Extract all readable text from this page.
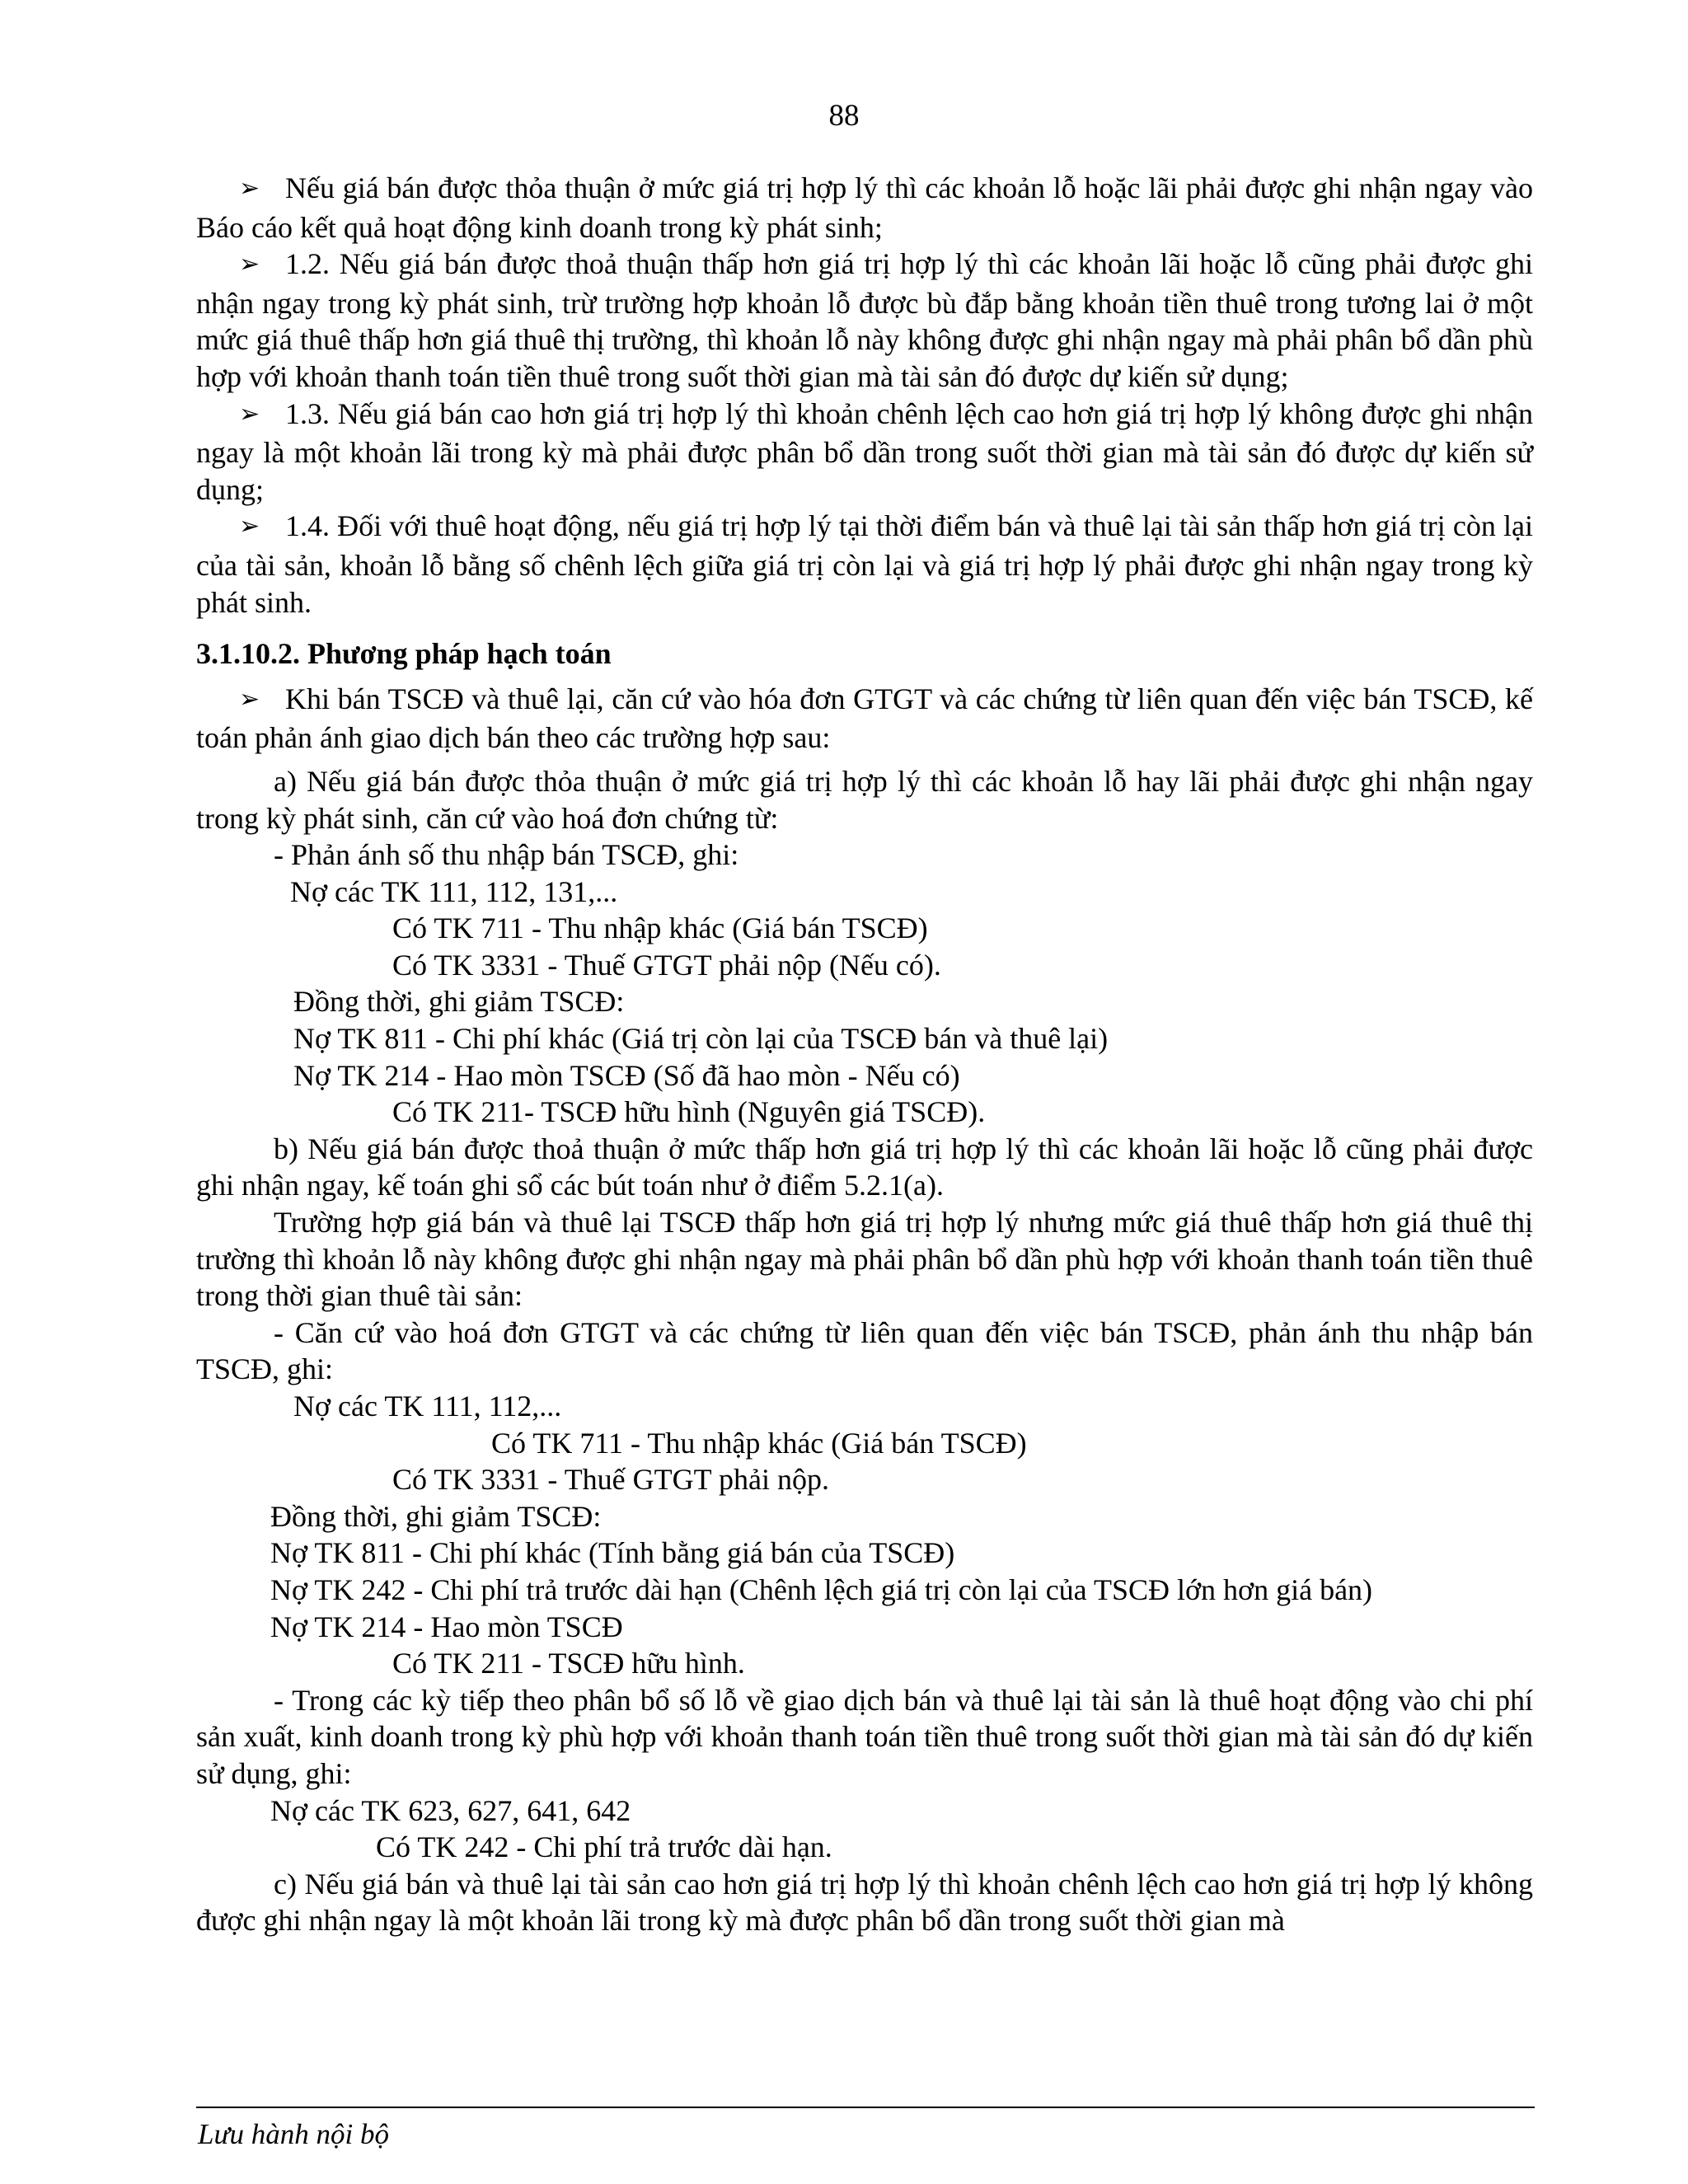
88

➢ Nếu giá bán được thỏa thuận ở mức giá trị hợp lý thì các khoản lỗ hoặc lãi phải được ghi nhận ngay vào Báo cáo kết quả hoạt động kinh doanh trong kỳ phát sinh;

➢ 1.2. Nếu giá bán được thoả thuận thấp hơn giá trị hợp lý thì các khoản lãi hoặc lỗ cũng phải được ghi nhận ngay trong kỳ phát sinh, trừ trường hợp khoản lỗ được bù đắp bằng khoản tiền thuê trong tương lai ở một mức giá thuê thấp hơn giá thuê thị trường, thì khoản lỗ này không được ghi nhận ngay mà phải phân bổ dần phù hợp với khoản thanh toán tiền thuê trong suốt thời gian mà tài sản đó được dự kiến sử dụng;

➢ 1.3. Nếu giá bán cao hơn giá trị hợp lý thì khoản chênh lệch cao hơn giá trị hợp lý không được ghi nhận ngay là một khoản lãi trong kỳ mà phải được phân bổ dần trong suốt thời gian mà tài sản đó được dự kiến sử dụng;

➢ 1.4. Đối với thuê hoạt động, nếu giá trị hợp lý tại thời điểm bán và thuê lại tài sản thấp hơn giá trị còn lại của tài sản, khoản lỗ bằng số chênh lệch giữa giá trị còn lại và giá trị hợp lý phải được ghi nhận ngay trong kỳ phát sinh.

3.1.10.2. Phương pháp hạch toán

➢ Khi bán TSCĐ và thuê lại, căn cứ vào hóa đơn GTGT và các chứng từ liên quan đến việc bán TSCĐ, kế toán phản ánh giao dịch bán theo các trường hợp sau:

a) Nếu giá bán được thỏa thuận ở mức giá trị hợp lý thì các khoản lỗ hay lãi phải được ghi nhận ngay trong kỳ phát sinh, căn cứ vào hoá đơn chứng từ:

- Phản ánh số thu nhập bán TSCĐ, ghi:

Nợ các TK 111, 112, 131,...

Có TK 711 - Thu nhập khác (Giá bán TSCĐ)

Có TK 3331 - Thuế GTGT phải nộp (Nếu có).

Đồng thời, ghi giảm TSCĐ:

Nợ TK 811 - Chi phí khác (Giá trị còn lại của TSCĐ bán và thuê lại)

Nợ TK 214 - Hao mòn TSCĐ (Số đã hao mòn - Nếu có)

Có TK 211- TSCĐ hữu hình (Nguyên giá TSCĐ).

b) Nếu giá bán được thoả thuận ở mức thấp hơn giá trị hợp lý thì các khoản lãi hoặc lỗ cũng phải được ghi nhận ngay, kế toán ghi sổ các bút toán như ở điểm 5.2.1(a).

Trường hợp giá bán và thuê lại TSCĐ thấp hơn giá trị hợp lý nhưng mức giá thuê thấp hơn giá thuê thị trường thì khoản lỗ này không được ghi nhận ngay mà phải phân bổ dần phù hợp với khoản thanh toán tiền thuê trong thời gian thuê tài sản:

- Căn cứ vào hoá đơn GTGT và các chứng từ liên quan đến việc bán TSCĐ, phản ánh thu nhập bán TSCĐ, ghi:

Nợ các TK 111, 112,...

Có TK 711 - Thu nhập khác (Giá bán TSCĐ)

Có TK 3331 - Thuế GTGT phải nộp.

Đồng thời, ghi giảm TSCĐ:

Nợ TK 811 - Chi phí khác (Tính bằng giá bán của TSCĐ)

Nợ TK 242 - Chi phí trả trước dài hạn (Chênh lệch giá trị còn lại của TSCĐ lớn hơn giá bán)

Nợ TK 214 - Hao mòn TSCĐ

Có TK 211 - TSCĐ hữu hình.

- Trong các kỳ tiếp theo phân bổ số lỗ về giao dịch bán và thuê lại tài sản là thuê hoạt động vào chi phí sản xuất, kinh doanh trong kỳ phù hợp với khoản thanh toán tiền thuê trong suốt thời gian mà tài sản đó dự kiến sử dụng, ghi:

Nợ các TK 623, 627, 641, 642

Có TK 242 - Chi phí trả trước dài hạn.

c) Nếu giá bán và thuê lại tài sản cao hơn giá trị hợp lý thì khoản chênh lệch cao hơn giá trị hợp lý không được ghi nhận ngay là một khoản lãi trong kỳ mà được phân bổ dần trong suốt thời gian mà

Lưu hành nội bộ
